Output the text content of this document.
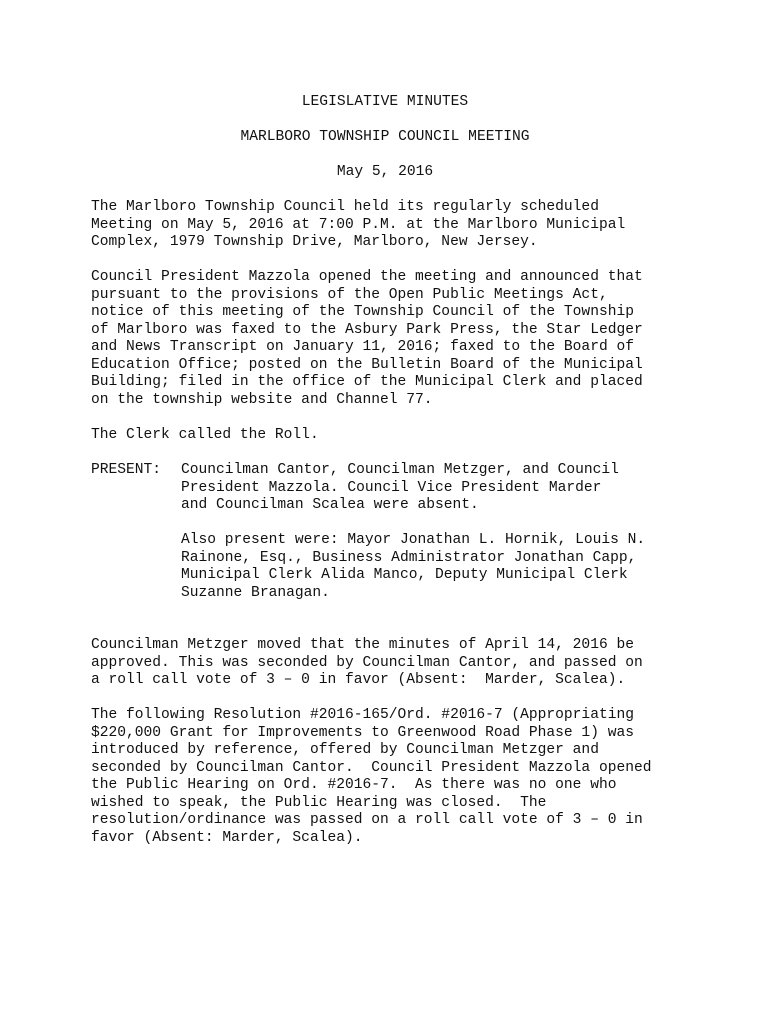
LEGISLATIVE MINUTES
MARLBORO TOWNSHIP COUNCIL MEETING
May 5, 2016
The Marlboro Township Council held its regularly scheduled
Meeting on May 5, 2016 at 7:00 P.M. at the Marlboro Municipal
Complex, 1979 Township Drive, Marlboro, New Jersey.
Council President Mazzola opened the meeting and announced that
pursuant to the provisions of the Open Public Meetings Act,
notice of this meeting of the Township Council of the Township
of Marlboro was faxed to the Asbury Park Press, the Star Ledger
and News Transcript on January 11, 2016; faxed to the Board of
Education Office; posted on the Bulletin Board of the Municipal
Building; filed in the office of the Municipal Clerk and placed
on the township website and Channel 77.
The Clerk called the Roll.
PRESENT: Councilman Cantor, Councilman Metzger, and Council
President Mazzola. Council Vice President Marder
and Councilman Scalea were absent.
Also present were: Mayor Jonathan L. Hornik, Louis N.
Rainone, Esq., Business Administrator Jonathan Capp,
Municipal Clerk Alida Manco, Deputy Municipal Clerk
Suzanne Branagan.
Councilman Metzger moved that the minutes of April 14, 2016 be
approved. This was seconded by Councilman Cantor, and passed on
a roll call vote of 3 – 0 in favor (Absent:  Marder, Scalea).
The following Resolution #2016-165/Ord. #2016-7 (Appropriating
$220,000 Grant for Improvements to Greenwood Road Phase 1) was
introduced by reference, offered by Councilman Metzger and
seconded by Councilman Cantor.  Council President Mazzola opened
the Public Hearing on Ord. #2016-7.  As there was no one who
wished to speak, the Public Hearing was closed.  The
resolution/ordinance was passed on a roll call vote of 3 – 0 in
favor (Absent: Marder, Scalea).
